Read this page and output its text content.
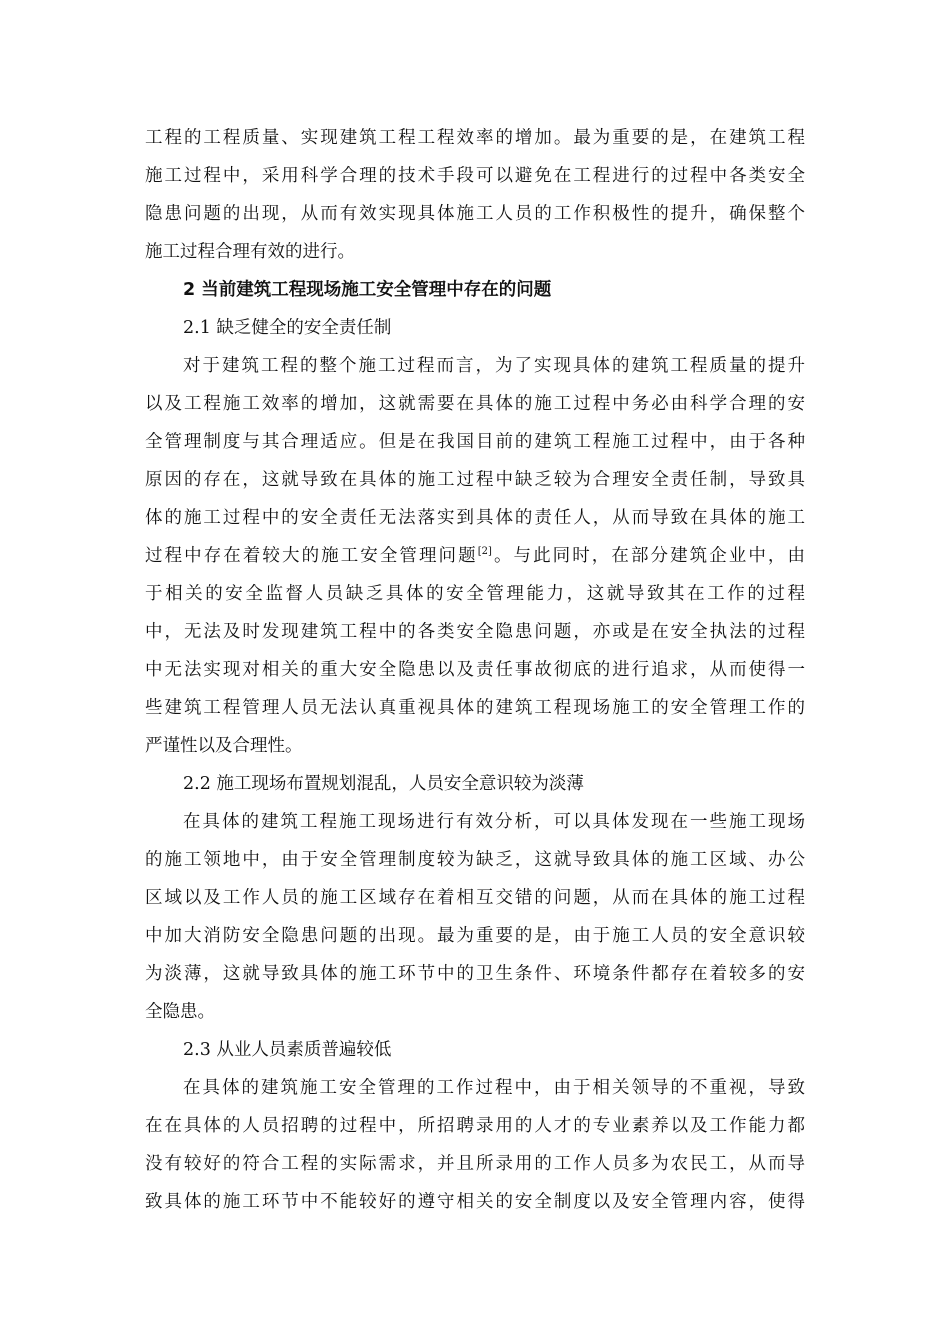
工程的工程质量、实现建筑工程工程效率的增加。最为重要的是，在建筑工程
施工过程中，采用科学合理的技术手段可以避免在工程进行的过程中各类安全
隐患问题的出现，从而有效实现具体施工人员的工作积极性的提升，确保整个
施工过程合理有效的进行。
2 当前建筑工程现场施工安全管理中存在的问题
2.1 缺乏健全的安全责任制
对于建筑工程的整个施工过程而言，为了实现具体的建筑工程质量的提升
以及工程施工效率的增加，这就需要在具体的施工过程中务必由科学合理的安
全管理制度与其合理适应。但是在我国目前的建筑工程施工过程中，由于各种
原因的存在，这就导致在具体的施工过程中缺乏较为合理安全责任制，导致具
体的施工过程中的安全责任无法落实到具体的责任人，从而导致在具体的施工
过程中存在着较大的施工安全管理问题[2]。与此同时，在部分建筑企业中，由
于相关的安全监督人员缺乏具体的安全管理能力，这就导致其在工作的过程
中，无法及时发现建筑工程中的各类安全隐患问题，亦或是在安全执法的过程
中无法实现对相关的重大安全隐患以及责任事故彻底的进行追求，从而使得一
些建筑工程管理人员无法认真重视具体的建筑工程现场施工的安全管理工作的
严谨性以及合理性。
2.2 施工现场布置规划混乱，人员安全意识较为淡薄
在具体的建筑工程施工现场进行有效分析，可以具体发现在一些施工现场
的施工领地中，由于安全管理制度较为缺乏，这就导致具体的施工区域、办公
区域以及工作人员的施工区域存在着相互交错的问题，从而在具体的施工过程
中加大消防安全隐患问题的出现。最为重要的是，由于施工人员的安全意识较
为淡薄，这就导致具体的施工环节中的卫生条件、环境条件都存在着较多的安
全隐患。
2.3 从业人员素质普遍较低
在具体的建筑施工安全管理的工作过程中，由于相关领导的不重视，导致
在在具体的人员招聘的过程中，所招聘录用的人才的专业素养以及工作能力都
没有较好的符合工程的实际需求，并且所录用的工作人员多为农民工，从而导
致具体的施工环节中不能较好的遵守相关的安全制度以及安全管理内容，使得
